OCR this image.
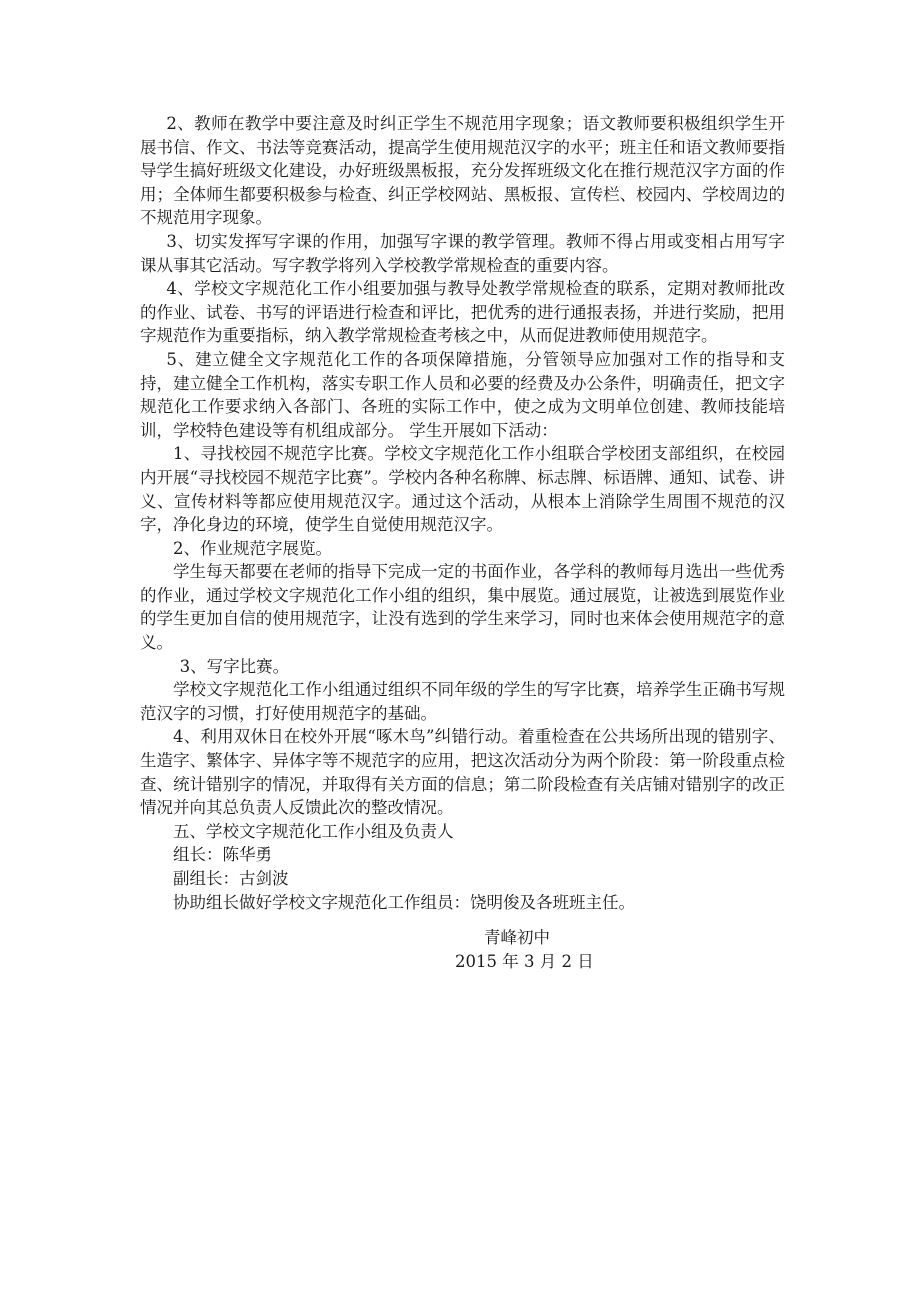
2、教师在教学中要注意及时纠正学生不规范用字现象；语文教师要积极组织学生开展书信、作文、书法等竞赛活动，提高学生使用规范汉字的水平；班主任和语文教师要指导学生搞好班级文化建设，办好班级黑板报，充分发挥班级文化在推行规范汉字方面的作用；全体师生都要积极参与检查、纠正学校网站、黑板报、宣传栏、校园内、学校周边的不规范用字现象。

3、切实发挥写字课的作用，加强写字课的教学管理。教师不得占用或变相占用写字课从事其它活动。写字教学将列入学校教学常规检查的重要内容。

4、学校文字规范化工作小组要加强与教导处教学常规检查的联系，定期对教师批改的作业、试卷、书写的评语进行检查和评比，把优秀的进行通报表扬，并进行奖励，把用字规范作为重要指标，纳入教学常规检查考核之中，从而促进教师使用规范字。

5、建立健全文字规范化工作的各项保障措施，分管领导应加强对工作的指导和支持，建立健全工作机构，落实专职工作人员和必要的经费及办公条件，明确责任，把文字规范化工作要求纳入各部门、各班的实际工作中，使之成为文明单位创建、教师技能培训，学校特色建设等有机组成部分。 学生开展如下活动：

1、寻找校园不规范字比赛。学校文字规范化工作小组联合学校团支部组织，在校园内开展“寻找校园不规范字比赛”。学校内各种名称牌、标志牌、标语牌、通知、试卷、讲义、宣传材料等都应使用规范汉字。通过这个活动，从根本上消除学生周围不规范的汉字，净化身边的环境，使学生自觉使用规范汉字。

2、作业规范字展览。

学生每天都要在老师的指导下完成一定的书面作业，各学科的教师每月选出一些优秀的作业，通过学校文字规范化工作小组的组织，集中展览。通过展览，让被选到展览作业的学生更加自信的使用规范字，让没有选到的学生来学习，同时也来体会使用规范字的意义。

3、写字比赛。

学校文字规范化工作小组通过组织不同年级的学生的写字比赛，培养学生正确书写规范汉字的习惯，打好使用规范字的基础。

4、利用双休日在校外开展“啄木鸟”纠错行动。着重检查在公共场所出现的错别字、生造字、繁体字、异体字等不规范字的应用，把这次活动分为两个阶段：第一阶段重点检查、统计错别字的情况，并取得有关方面的信息；第二阶段检查有关店铺对错别字的改正情况并向其总负责人反馈此次的整改情况。

五、学校文字规范化工作小组及负责人

组长：陈华勇

副组长：古剑波

协助组长做好学校文字规范化工作组员：饶明俊及各班班主任。

青峰初中
2015 年 3 月 2 日
